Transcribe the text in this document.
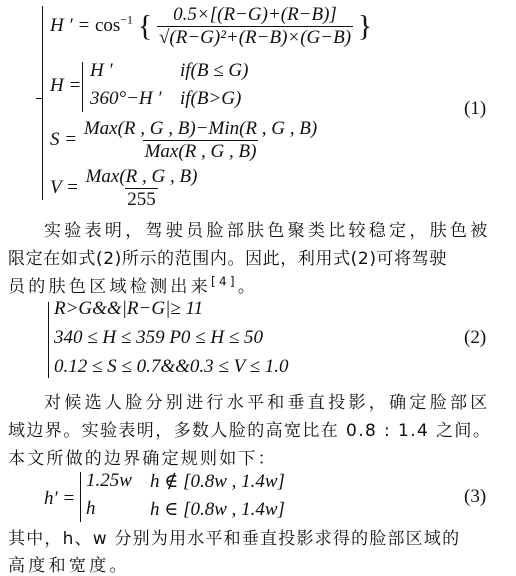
H ′ = $\cos^{-1}$ { $\frac{0.5\times[(R-G)+(R-B)]}{\text{√(R−G)²+(R−B)×(G−B)}}$ }
H =
H ′	if(B ≤ G)
360°−H ′ if(B>G)	(1)
$S = \frac{\text{Max(R , G , B)−Min(R , G , B)}}{\text{Max(R , G , B)}}$
$V = \frac{\text{Max(R , G , B)}}{255}$
实验表明，驾驶员脸部肤色聚类比较稳定，肤色被
限定在如式(2)所示的范围内。因此，利用式(2)可将驾驶
员的肤色区域检测出来[4]。
R>G&&|R−G|≥ 11
340 ≤ H ≤ 359 P0 ≤ H ≤ 50
0.12 ≤ S ≤ 0.7&&0.3 ≤ V ≤ 1.0
(2)
对候选人脸分别进行水平和垂直投影，确定脸部区
域边界。实验表明，多数人脸的高宽比在 0.8 : 1.4 之间。
本文所做的边界确定规则如下：
h′ =
1.25w h ∉ [0.8w , 1.4w]
h	h ∈ [0.8w , 1.4w]
(3)
其中，h、w 分别为用水平和垂直投影求得的脸部区域的
高度和宽度。
